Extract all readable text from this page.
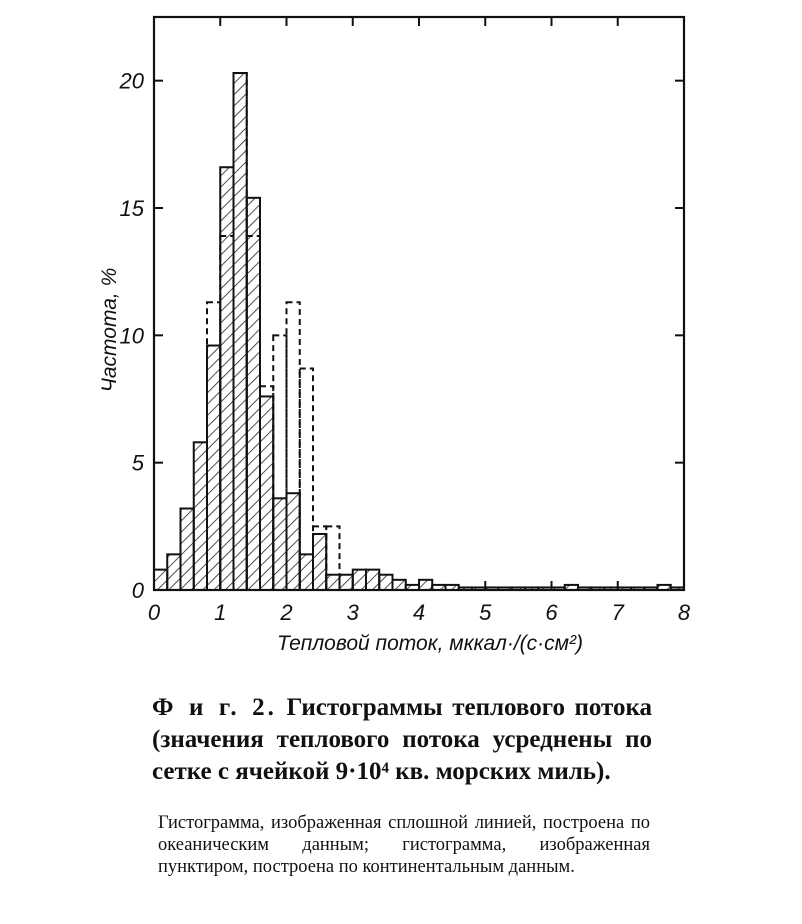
0 1 2 3 4 5 6 7 8
0
5
10
15
20
Тепловой поток, мккал·/(с·см²)
Частота, %

Ф и г. 2. Гистограммы теплового потока (значения теплового потока усреднены по сетке с ячейкой 9·10⁴ кв. морских миль).

Гистограмма, изображенная сплошной линией, построена по океаническим данным; гистограмма, изображенная пунктиром, построена по континентальным данным.
